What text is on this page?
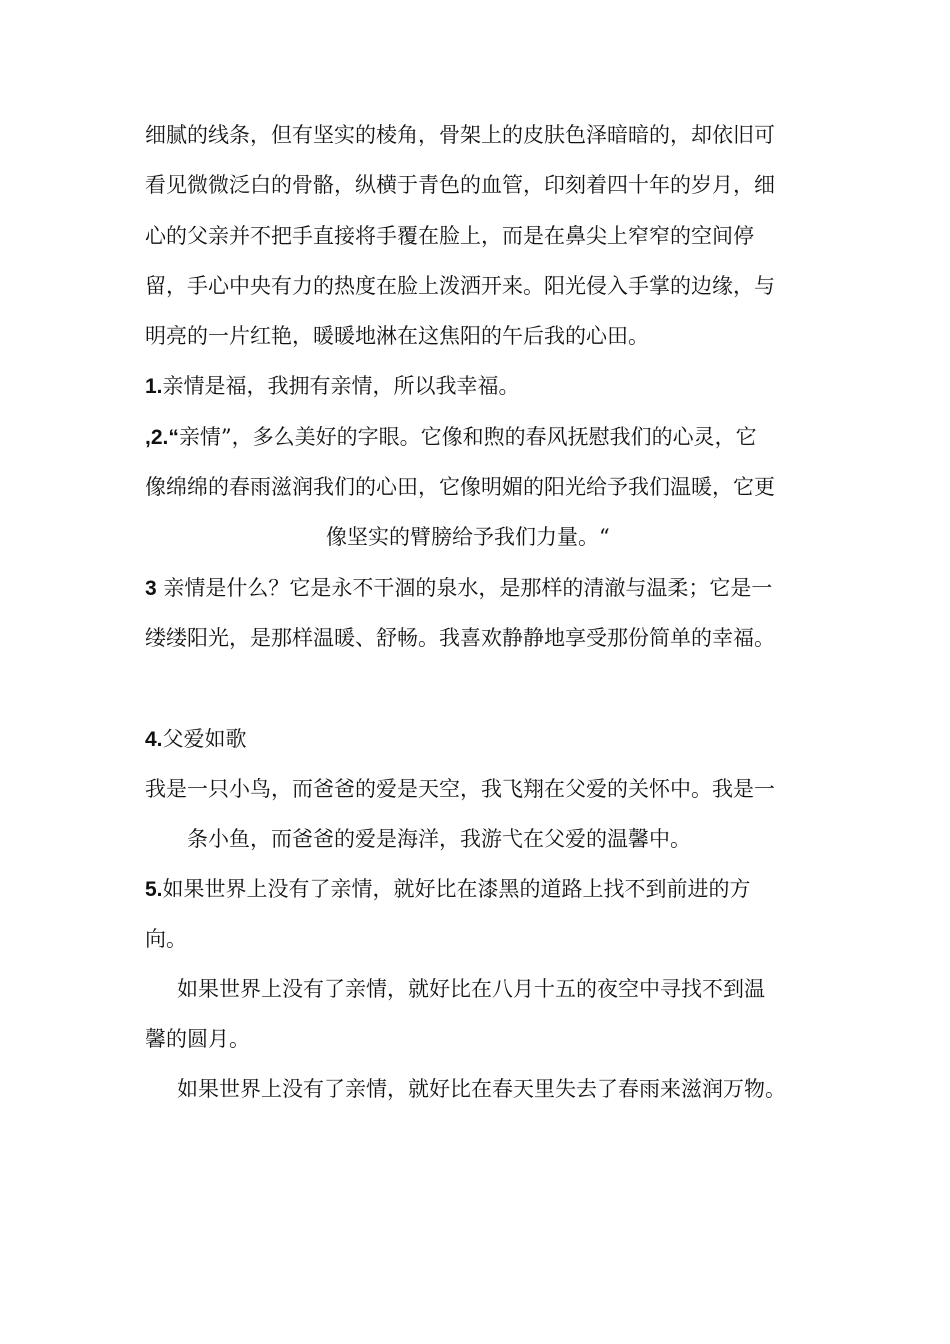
细腻的线条，但有坚实的棱角，骨架上的皮肤色泽暗暗的，却依旧可
看见微微泛白的骨骼，纵横于青色的血管，印刻着四十年的岁月，细
心的父亲并不把手直接将手覆在脸上，而是在鼻尖上窄窄的空间停
留，手心中央有力的热度在脸上泼洒开来。阳光侵入手掌的边缘，与
明亮的一片红艳，暖暖地淋在这焦阳的午后我的心田。
1.亲情是福，我拥有亲情，所以我幸福。
,2.“亲情”，多么美好的字眼。它像和煦的春风抚慰我们的心灵，它
像绵绵的春雨滋润我们的心田，它像明媚的阳光给予我们温暖，它更
像坚实的臂膀给予我们力量。“
3 亲情是什么？它是永不干涸的泉水，是那样的清澈与温柔；它是一
缕缕阳光，是那样温暖、舒畅。我喜欢静静地享受那份简单的幸福。
4.父爱如歌
我是一只小鸟，而爸爸的爱是天空，我飞翔在父爱的关怀中。我是一
条小鱼，而爸爸的爱是海洋，我游弋在父爱的温馨中。
5.如果世界上没有了亲情，就好比在漆黑的道路上找不到前进的方
向。
如果世界上没有了亲情，就好比在八月十五的夜空中寻找不到温
馨的圆月。
如果世界上没有了亲情，就好比在春天里失去了春雨来滋润万物。
